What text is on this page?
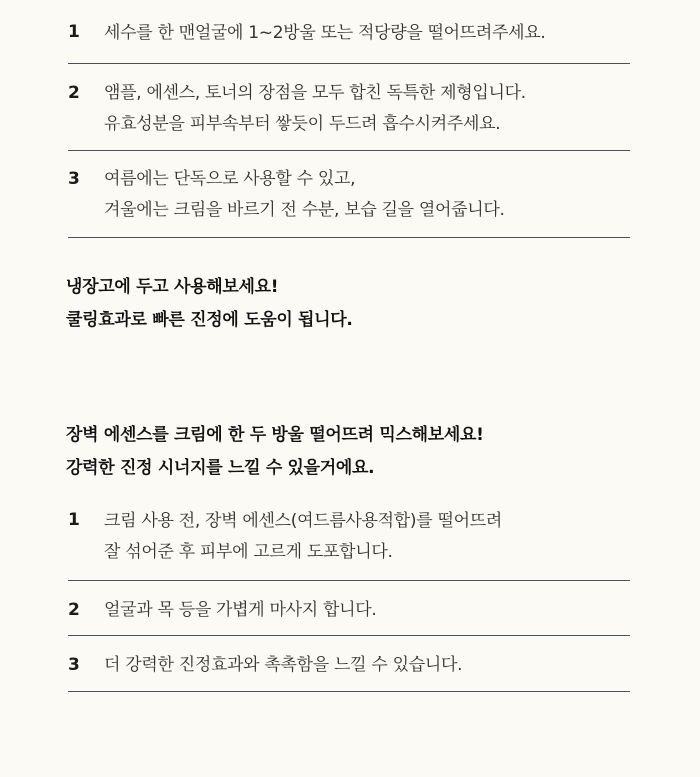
1 세수를 한 맨얼굴에 1~2방울 또는 적당량을 떨어뜨려주세요.
2 앰플, 에센스, 토너의 장점을 모두 합친 독특한 제형입니다.
유효성분을 피부속부터 쌓듯이 두드려 흡수시켜주세요.
3 여름에는 단독으로 사용할 수 있고,
겨울에는 크림을 바르기 전 수분, 보습 길을 열어줍니다.
냉장고에 두고 사용해보세요!
쿨링효과로 빠른 진정에 도움이 됩니다.
장벽 에센스를 크림에 한 두 방울 떨어뜨려 믹스해보세요!
강력한 진정 시너지를 느낄 수 있을거에요.
1 크림 사용 전, 장벽 에센스(여드름사용적합)를 떨어뜨려
잘 섞어준 후 피부에 고르게 도포합니다.
2 얼굴과 목 등을 가볍게 마사지 합니다.
3 더 강력한 진정효과와 촉촉함을 느낄 수 있습니다.
